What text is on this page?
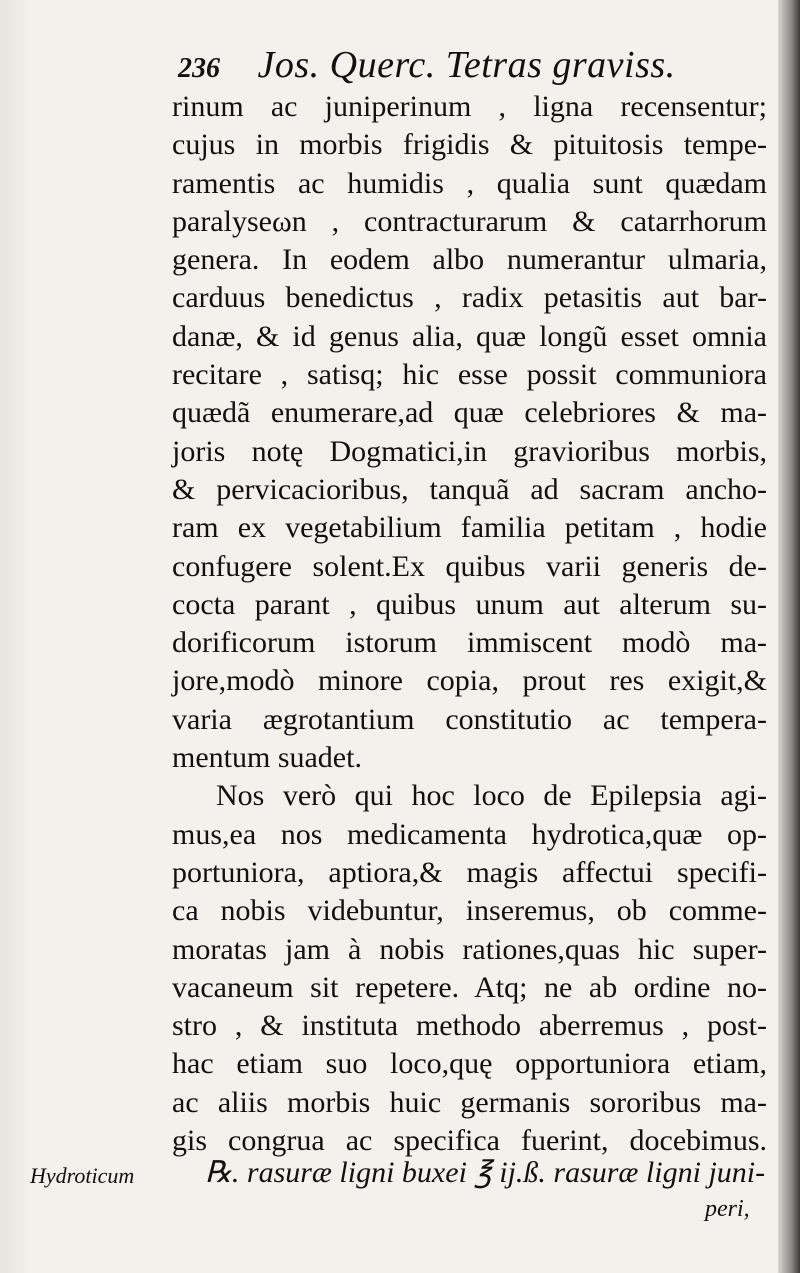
236 Jos. Querc. Tetras graviss.
rinum ac juniperinum , ligna recensentur;
cujus in morbis frigidis & pituitosis tempe-
ramentis ac humidis , qualia sunt quædam
paralyseωn , contracturarum & catarrhorum
genera. In eodem albo numerantur ulmaria,
carduus benedictus , radix petasitis aut bar-
danæ, & id genus alia, quæ longũ esset omnia
recitare , satisq; hic esse possit communiora
quædã enumerare,ad quæ celebriores & ma-
joris notę Dogmatici,in gravioribus morbis,
& pervicacioribus, tanquã ad sacram ancho-
ram ex vegetabilium familia petitam , hodie
confugere solent.Ex quibus varii generis de-
cocta parant , quibus unum aut alterum su-
dorificorum istorum immiscent modò ma-
jore,modò minore copia, prout res exigit,&
varia ægrotantium constitutio ac tempera-
mentum suadet.
Nos verò qui hoc loco de Epilepsia agi-
mus,ea nos medicamenta hydrotica,quæ op-
portuniora, aptiora,& magis affectui specifi-
ca nobis videbuntur, inseremus, ob comme-
moratas jam à nobis rationes,quas hic super-
vacaneum sit repetere. Atq; ne ab ordine no-
stro , & instituta methodo aberremus , post-
hac etiam suo loco,quę opportuniora etiam,
ac aliis morbis huic germanis sororibus ma-
gis congrua ac specifica fuerint, docebimus.
Hydroticum	℞. rasuræ ligni buxei ℥ ij.ß. rasuræ ligni juni-
peri,
